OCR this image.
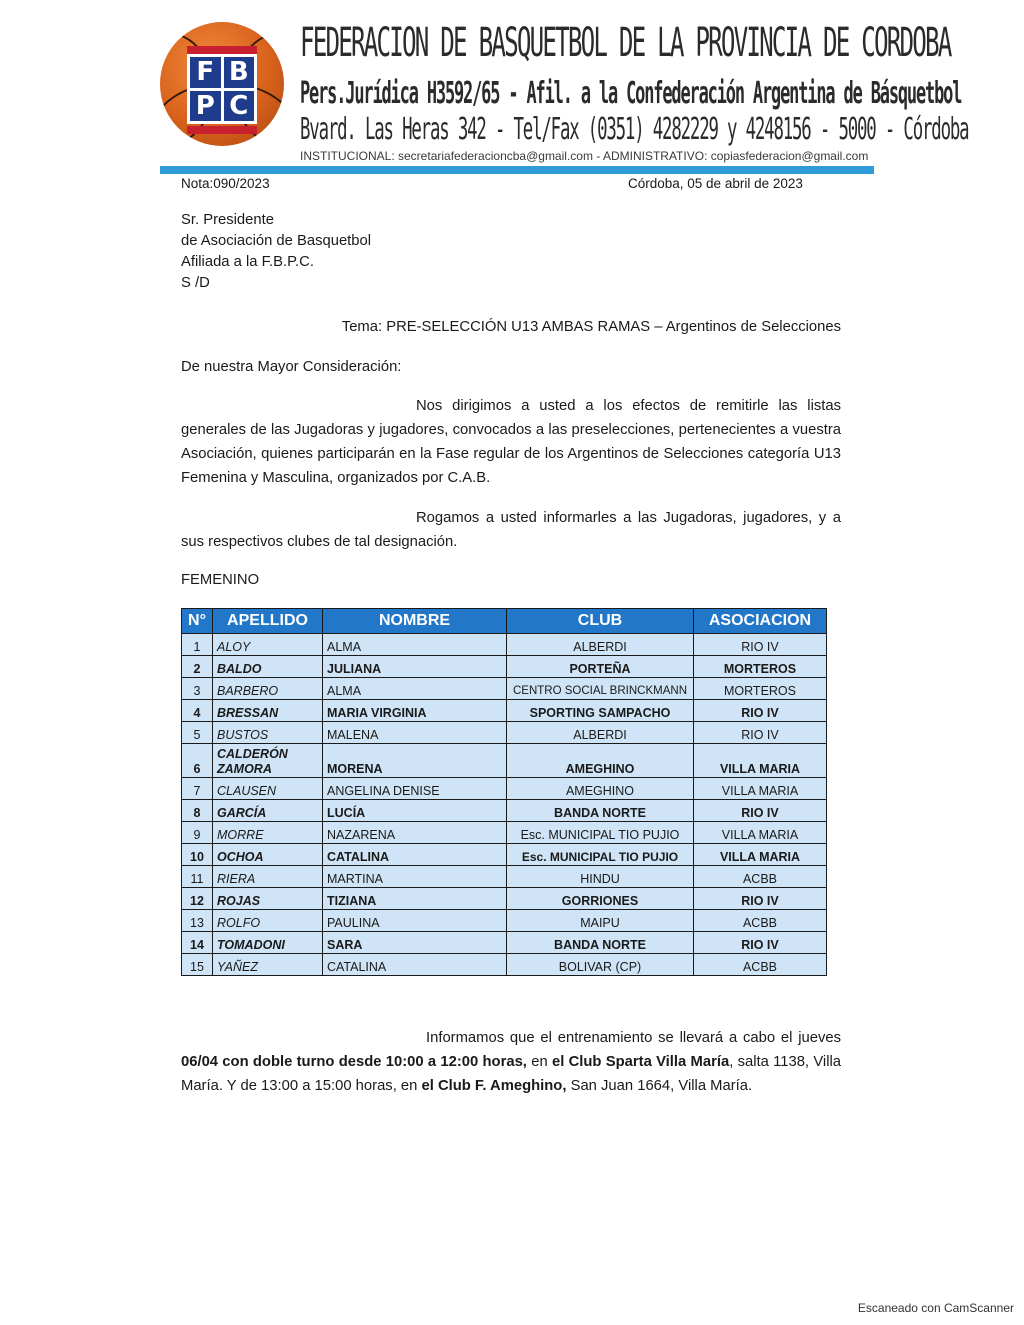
F B
P C
FEDERACION DE BASQUETBOL DE LA PROVINCIA DE CORDOBA
Pers.Jurídica H3592/65 - Afil. a la Confederación Argentina de Básquetbol
Bvard. Las Heras 342 - Tel/Fax (0351) 4282229 y 4248156 - 5000 - Córdoba
INSTITUCIONAL: secretariafederacioncba@gmail.com - ADMINISTRATIVO: copiasfederacion@gmail.com
Nota:090/2023	Córdoba, 05 de abril de 2023
Sr. Presidente
de Asociación de Basquetbol
Afiliada a la F.B.P.C.
S /D
Tema: PRE-SELECCIÓN U13 AMBAS RAMAS – Argentinos de Selecciones
De nuestra Mayor Consideración:
Nos dirigimos a usted a los efectos de remitirle las listas generales de las Jugadoras y jugadores, convocados a las preselecciones, pertenecientes a vuestra Asociación, quienes participarán en la Fase regular de los Argentinos de Selecciones categoría U13 Femenina y Masculina, organizados por C.A.B.
Rogamos a usted informarles a las Jugadoras, jugadores, y a sus respectivos clubes de tal designación.
FEMENINO
N°	APELLIDO	NOMBRE	CLUB	ASOCIACION
1	ALOY	ALMA	ALBERDI	RIO IV
2	BALDO	JULIANA	PORTEÑA	MORTEROS
3	BARBERO	ALMA	CENTRO SOCIAL BRINCKMANN	MORTEROS
4	BRESSAN	MARIA VIRGINIA	SPORTING SAMPACHO	RIO IV
5	BUSTOS	MALENA	ALBERDI	RIO IV
6	CALDERÓN ZAMORA	MORENA	AMEGHINO	VILLA MARIA
7	CLAUSEN	ANGELINA DENISE	AMEGHINO	VILLA MARIA
8	GARCÍA	LUCÍA	BANDA NORTE	RIO IV
9	MORRE	NAZARENA	Esc. MUNICIPAL TIO PUJIO	VILLA MARIA
10	OCHOA	CATALINA	Esc. MUNICIPAL TIO PUJIO	VILLA MARIA
11	RIERA	MARTINA	HINDU	ACBB
12	ROJAS	TIZIANA	GORRIONES	RIO IV
13	ROLFO	PAULINA	MAIPU	ACBB
14	TOMADONI	SARA	BANDA NORTE	RIO IV
15	YAÑEZ	CATALINA	BOLIVAR (CP)	ACBB
Informamos que el entrenamiento se llevará a cabo el jueves 06/04 con doble turno desde 10:00 a 12:00 horas, en el Club Sparta Villa María, salta 1138, Villa María. Y de 13:00 a 15:00 horas, en el Club F. Ameghino, San Juan 1664, Villa María.
Escaneado con CamScanner
